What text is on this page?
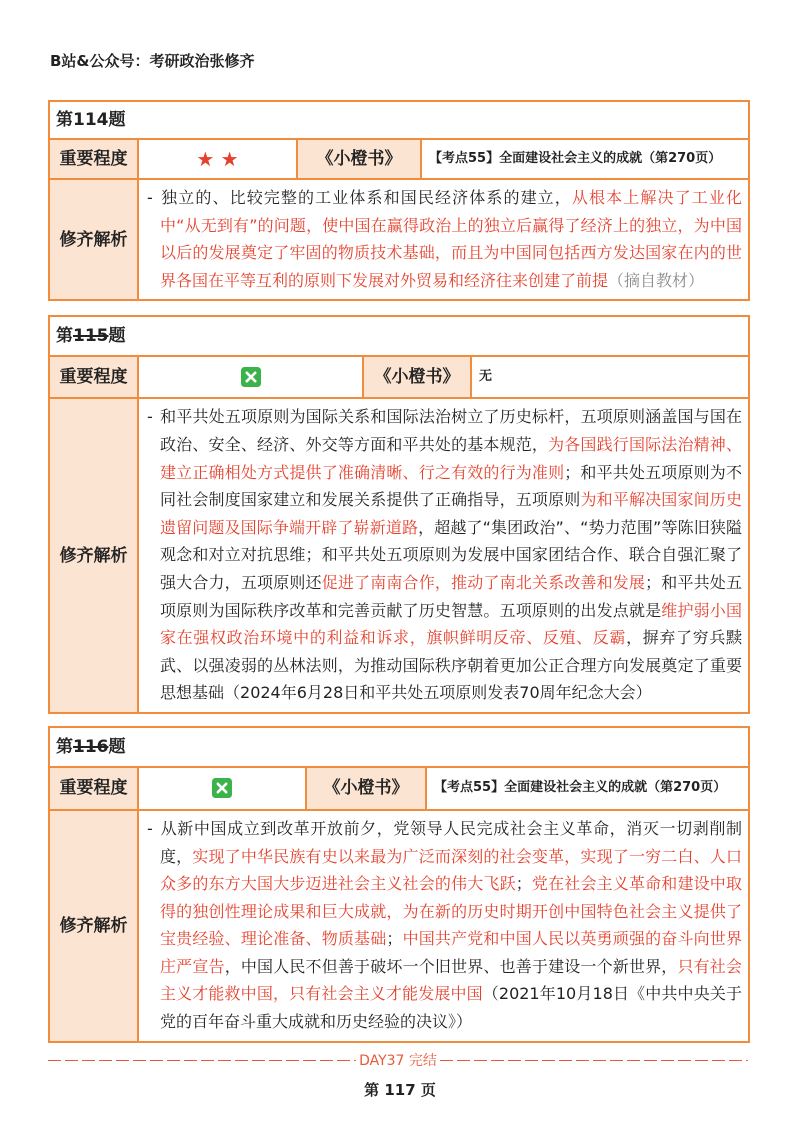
B站&公众号：考研政治张修齐
第114题			
重要程度	★ ★	《小橙书》	【考点55】全面建设社会主义的成就（第270页）
修齐解析	- 独立的、比较完整的工业体系和国民经济体系的建立，从根本上解决了工业化中“从无到有”的问题，使中国在赢得政治上的独立后赢得了经济上的独立，为中国以后的发展奠定了牢固的物质技术基础，而且为中国同包括西方发达国家在内的世界各国在平等互利的原则下发展对外贸易和经济往来创建了前提（摘自教材）		
第115题			
重要程度		《小橙书》	无
修齐解析	- 和平共处五项原则为国际关系和国际法治树立了历史标杆，五项原则涵盖国与国在政治、安全、经济、外交等方面和平共处的基本规范，为各国践行国际法治精神、建立正确相处方式提供了准确清晰、行之有效的行为准则；和平共处五项原则为不同社会制度国家建立和发展关系提供了正确指导，五项原则为和平解决国家间历史遗留问题及国际争端开辟了崭新道路，超越了“集团政治”、“势力范围”等陈旧狭隘观念和对立对抗思维；和平共处五项原则为发展中国家团结合作、联合自强汇聚了强大合力，五项原则还促进了南南合作，推动了南北关系改善和发展；和平共处五项原则为国际秩序改革和完善贡献了历史智慧。五项原则的出发点就是维护弱小国家在强权政治环境中的利益和诉求，旗帜鲜明反帝、反殖、反霸，摒弃了穷兵黩武、以强凌弱的丛林法则，为推动国际秩序朝着更加公正合理方向发展奠定了重要思想基础（2024年6月28日和平共处五项原则发表70周年纪念大会）		
第116题			
重要程度		《小橙书》	【考点55】全面建设社会主义的成就（第270页）
修齐解析	- 从新中国成立到改革开放前夕，党领导人民完成社会主义革命，消灭一切剥削制度，实现了中华民族有史以来最为广泛而深刻的社会变革，实现了一穷二白、人口众多的东方大国大步迈进社会主义社会的伟大飞跃；党在社会主义革命和建设中取得的独创性理论成果和巨大成就，为在新的历史时期开创中国特色社会主义提供了宝贵经验、理论准备、物质基础；中国共产党和中国人民以英勇顽强的奋斗向世界庄严宣告，中国人民不但善于破坏一个旧世界、也善于建设一个新世界，只有社会主义才能救中国，只有社会主义才能发展中国（2021年10月18日《中共中央关于党的百年奋斗重大成就和历史经验的决议》）		
DAY37 完结
第 117 页
